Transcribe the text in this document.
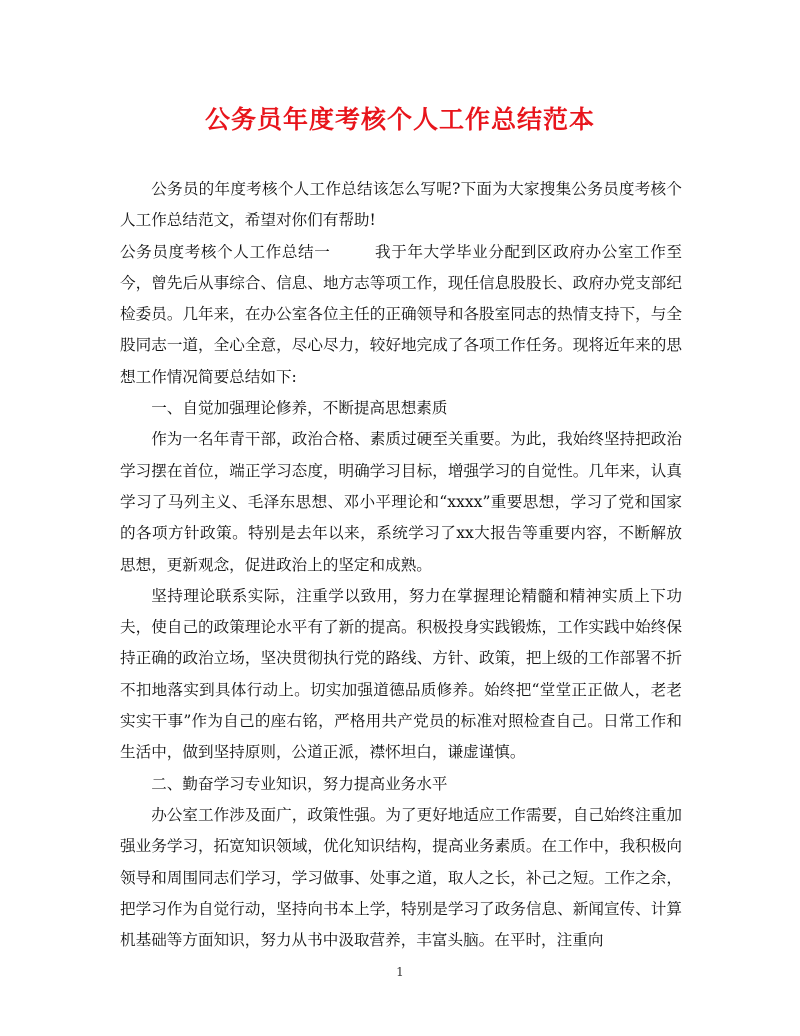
公务员年度考核个人工作总结范本

公务员的年度考核个人工作总结该怎么写呢?下面为大家搜集公务员度考核个人工作总结范文，希望对你们有帮助!

公务员度考核个人工作总结一	我于年大学毕业分配到区政府办公室工作至今，曾先后从事综合、信息、地方志等项工作，现任信息股股长、政府办党支部纪检委员。几年来，在办公室各位主任的正确领导和各股室同志的热情支持下，与全股同志一道，全心全意，尽心尽力，较好地完成了各项工作任务。现将近年来的思想工作情况简要总结如下:

一、自觉加强理论修养，不断提高思想素质

作为一名年青干部，政治合格、素质过硬至关重要。为此，我始终坚持把政治学习摆在首位，端正学习态度，明确学习目标，增强学习的自觉性。几年来，认真学习了马列主义、毛泽东思想、邓小平理论和“xxxx”重要思想，学习了党和国家的各项方针政策。特别是去年以来，系统学习了xx大报告等重要内容，不断解放思想，更新观念，促进政治上的坚定和成熟。

坚持理论联系实际，注重学以致用，努力在掌握理论精髓和精神实质上下功夫，使自己的政策理论水平有了新的提高。积极投身实践锻炼，工作实践中始终保持正确的政治立场，坚决贯彻执行党的路线、方针、政策，把上级的工作部署不折不扣地落实到具体行动上。切实加强道德品质修养。始终把“堂堂正正做人，老老实实干事”作为自己的座右铭，严格用共产党员的标准对照检查自己。日常工作和生活中，做到坚持原则，公道正派，襟怀坦白，谦虚谨慎。

二、勤奋学习专业知识，努力提高业务水平

办公室工作涉及面广，政策性强。为了更好地适应工作需要，自己始终注重加强业务学习，拓宽知识领域，优化知识结构，提高业务素质。在工作中，我积极向领导和周围同志们学习，学习做事、处事之道，取人之长，补己之短。工作之余，把学习作为自觉行动，坚持向书本上学，特别是学习了政务信息、新闻宣传、计算机基础等方面知识，努力从书中汲取营养，丰富头脑。在平时，注重向

1
